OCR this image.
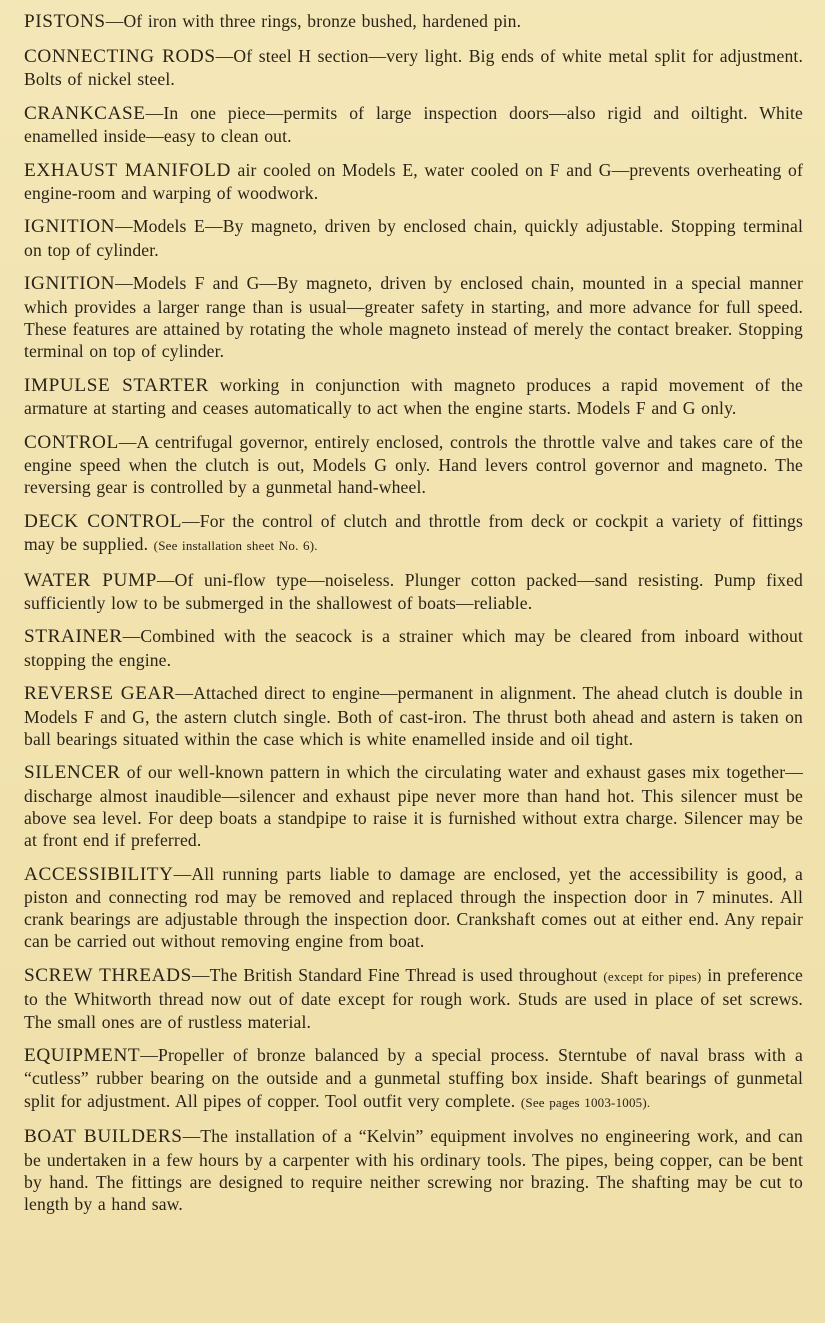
PISTONS—Of iron with three rings, bronze bushed, hardened pin.

CONNECTING RODS—Of steel H section—very light. Big ends of white metal split for adjustment. Bolts of nickel steel.

CRANKCASE—In one piece—permits of large inspection doors—also rigid and oiltight. White enamelled inside—easy to clean out.

EXHAUST MANIFOLD air cooled on Models E, water cooled on F and G—prevents overheating of engine-room and warping of woodwork.

IGNITION—Models E—By magneto, driven by enclosed chain, quickly adjustable. Stopping terminal on top of cylinder.

IGNITION—Models F and G—By magneto, driven by enclosed chain, mounted in a special manner which provides a larger range than is usual—greater safety in starting, and more advance for full speed. These features are attained by rotating the whole magneto instead of merely the contact breaker. Stopping terminal on top of cylinder.

IMPULSE STARTER working in conjunction with magneto produces a rapid movement of the armature at starting and ceases automatically to act when the engine starts. Models F and G only.

CONTROL—A centrifugal governor, entirely enclosed, controls the throttle valve and takes care of the engine speed when the clutch is out, Models G only. Hand levers control governor and magneto. The reversing gear is controlled by a gunmetal hand-wheel.

DECK CONTROL—For the control of clutch and throttle from deck or cockpit a variety of fittings may be supplied. (See installation sheet No. 6).

WATER PUMP—Of uni-flow type—noiseless. Plunger cotton packed—sand resisting. Pump fixed sufficiently low to be submerged in the shallowest of boats—reliable.

STRAINER—Combined with the seacock is a strainer which may be cleared from inboard without stopping the engine.

REVERSE GEAR—Attached direct to engine—permanent in alignment. The ahead clutch is double in Models F and G, the astern clutch single. Both of cast-iron. The thrust both ahead and astern is taken on ball bearings situated within the case which is white enamelled inside and oil tight.

SILENCER of our well-known pattern in which the circulating water and exhaust gases mix together—discharge almost inaudible—silencer and exhaust pipe never more than hand hot. This silencer must be above sea level. For deep boats a standpipe to raise it is furnished without extra charge. Silencer may be at front end if preferred.

ACCESSIBILITY—All running parts liable to damage are enclosed, yet the accessibility is good, a piston and connecting rod may be removed and replaced through the inspection door in 7 minutes. All crank bearings are adjustable through the inspection door. Crankshaft comes out at either end. Any repair can be carried out without removing engine from boat.

SCREW THREADS—The British Standard Fine Thread is used throughout (except for pipes) in preference to the Whitworth thread now out of date except for rough work. Studs are used in place of set screws. The small ones are of rustless material.

EQUIPMENT—Propeller of bronze balanced by a special process. Sterntube of naval brass with a “cutless” rubber bearing on the outside and a gunmetal stuffing box inside. Shaft bearings of gunmetal split for adjustment. All pipes of copper. Tool outfit very complete. (See pages 1003-1005).

BOAT BUILDERS—The installation of a “Kelvin” equipment involves no engineering work, and can be undertaken in a few hours by a carpenter with his ordinary tools. The pipes, being copper, can be bent by hand. The fittings are designed to require neither screwing nor brazing. The shafting may be cut to length by a hand saw.
